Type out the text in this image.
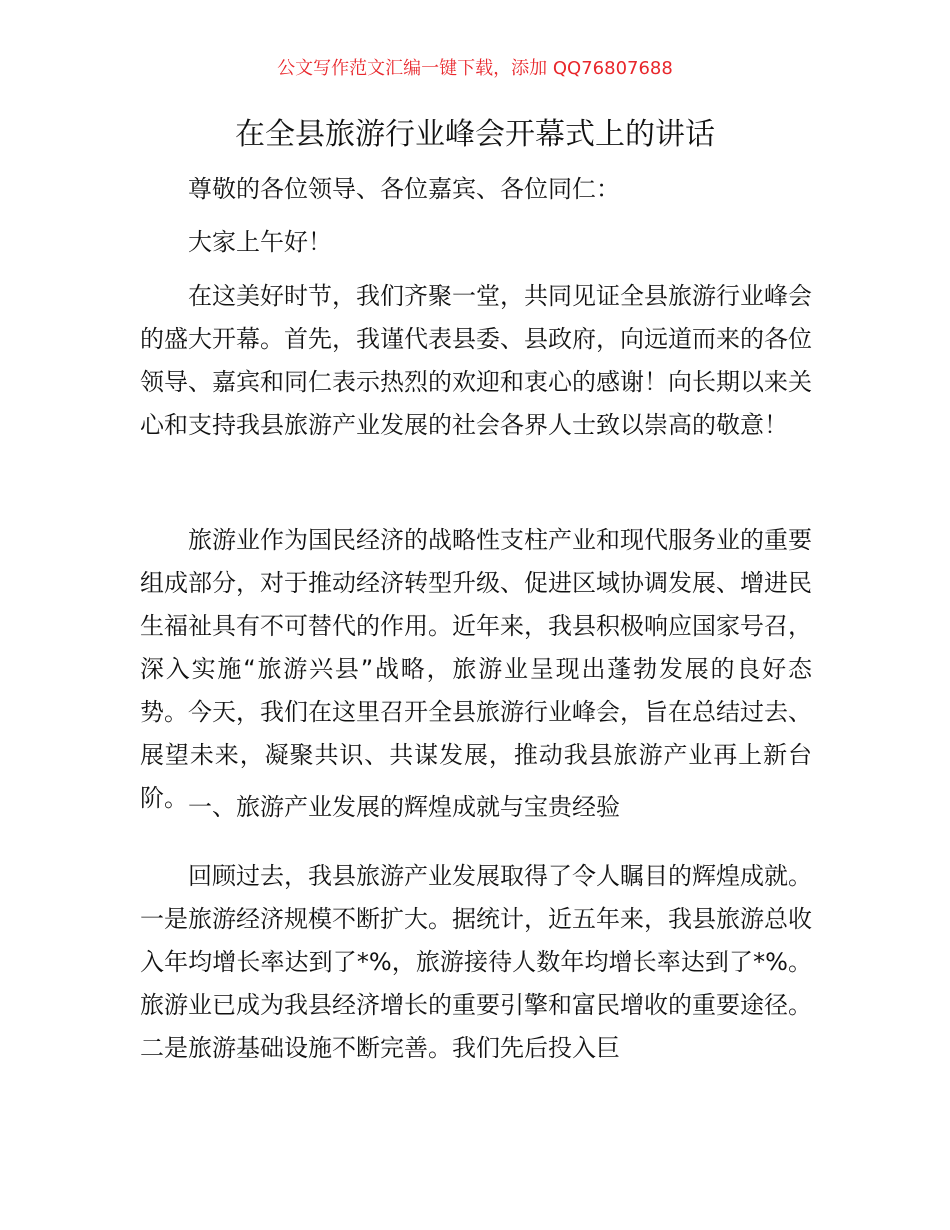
公文写作范文汇编一键下载，添加 QQ76807688
在全县旅游行业峰会开幕式上的讲话

尊敬的各位领导、各位嘉宾、各位同仁：

大家上午好！

在这美好时节，我们齐聚一堂，共同见证全县旅游行业峰会的盛大开幕。首先，我谨代表县委、县政府，向远道而来的各位领导、嘉宾和同仁表示热烈的欢迎和衷心的感谢！向长期以来关心和支持我县旅游产业发展的社会各界人士致以崇高的敬意！

旅游业作为国民经济的战略性支柱产业和现代服务业的重要组成部分，对于推动经济转型升级、促进区域协调发展、增进民生福祉具有不可替代的作用。近年来，我县积极响应国家号召，深入实施“旅游兴县”战略，旅游业呈现出蓬勃发展的良好态势。今天，我们在这里召开全县旅游行业峰会，旨在总结过去、展望未来，凝聚共识、共谋发展，推动我县旅游产业再上新台阶。 一、旅游产业发展的辉煌成就与宝贵经验

回顾过去，我县旅游产业发展取得了令人瞩目的辉煌成就。一是旅游经济规模不断扩大。据统计，近五年来，我县旅游总收入年均增长率达到了*%，旅游接待人数年均增长率达到了*%。旅游业已成为我县经济增长的重要引擎和富民增收的重要途径。二是旅游基础设施不断完善。我们先后投入巨
